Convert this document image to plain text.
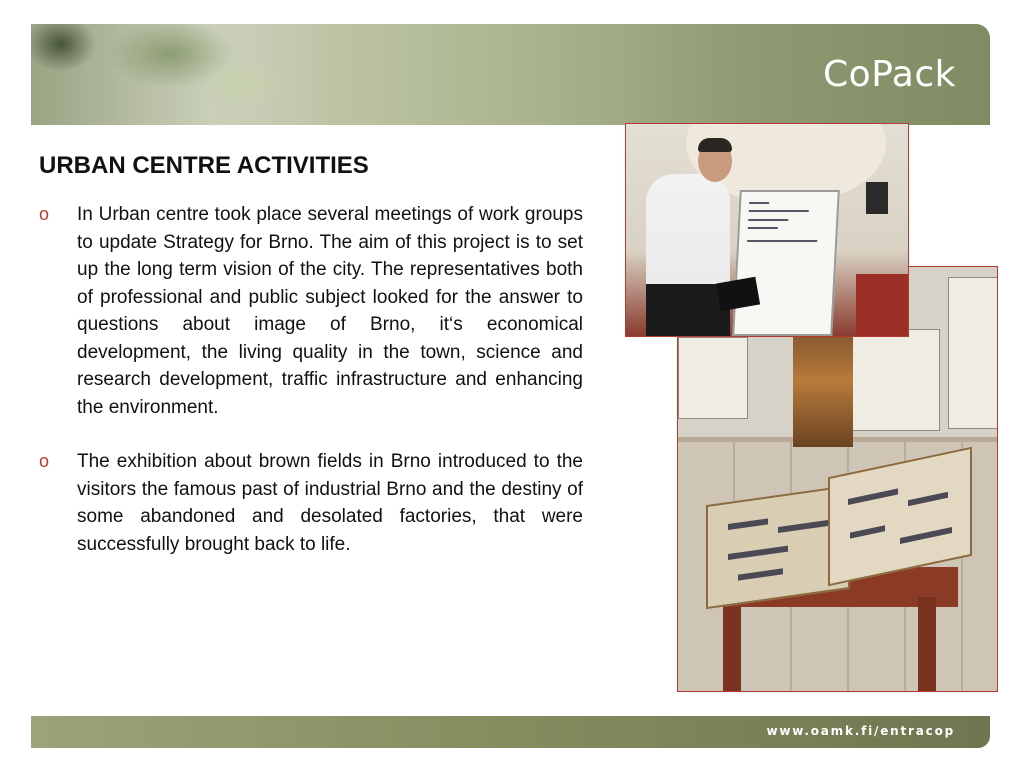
CoPack
URBAN CENTRE ACTIVITIES
o In Urban centre took place several meetings of work groups to update Strategy for Brno. The aim of this project is to set up the long term vision of the city. The representatives both of professional and public subject looked for the answer to questions about image of Brno, it‘s economical development, the living quality in the town, science and research development, traffic infrastructure and enhancing the environment.
o The exhibition about brown fields in Brno introduced to the visitors the famous past of industrial Brno and the destiny of some abandoned and desolated factories, that were successfully brought back to life.
www.oamk.fi/entracop
